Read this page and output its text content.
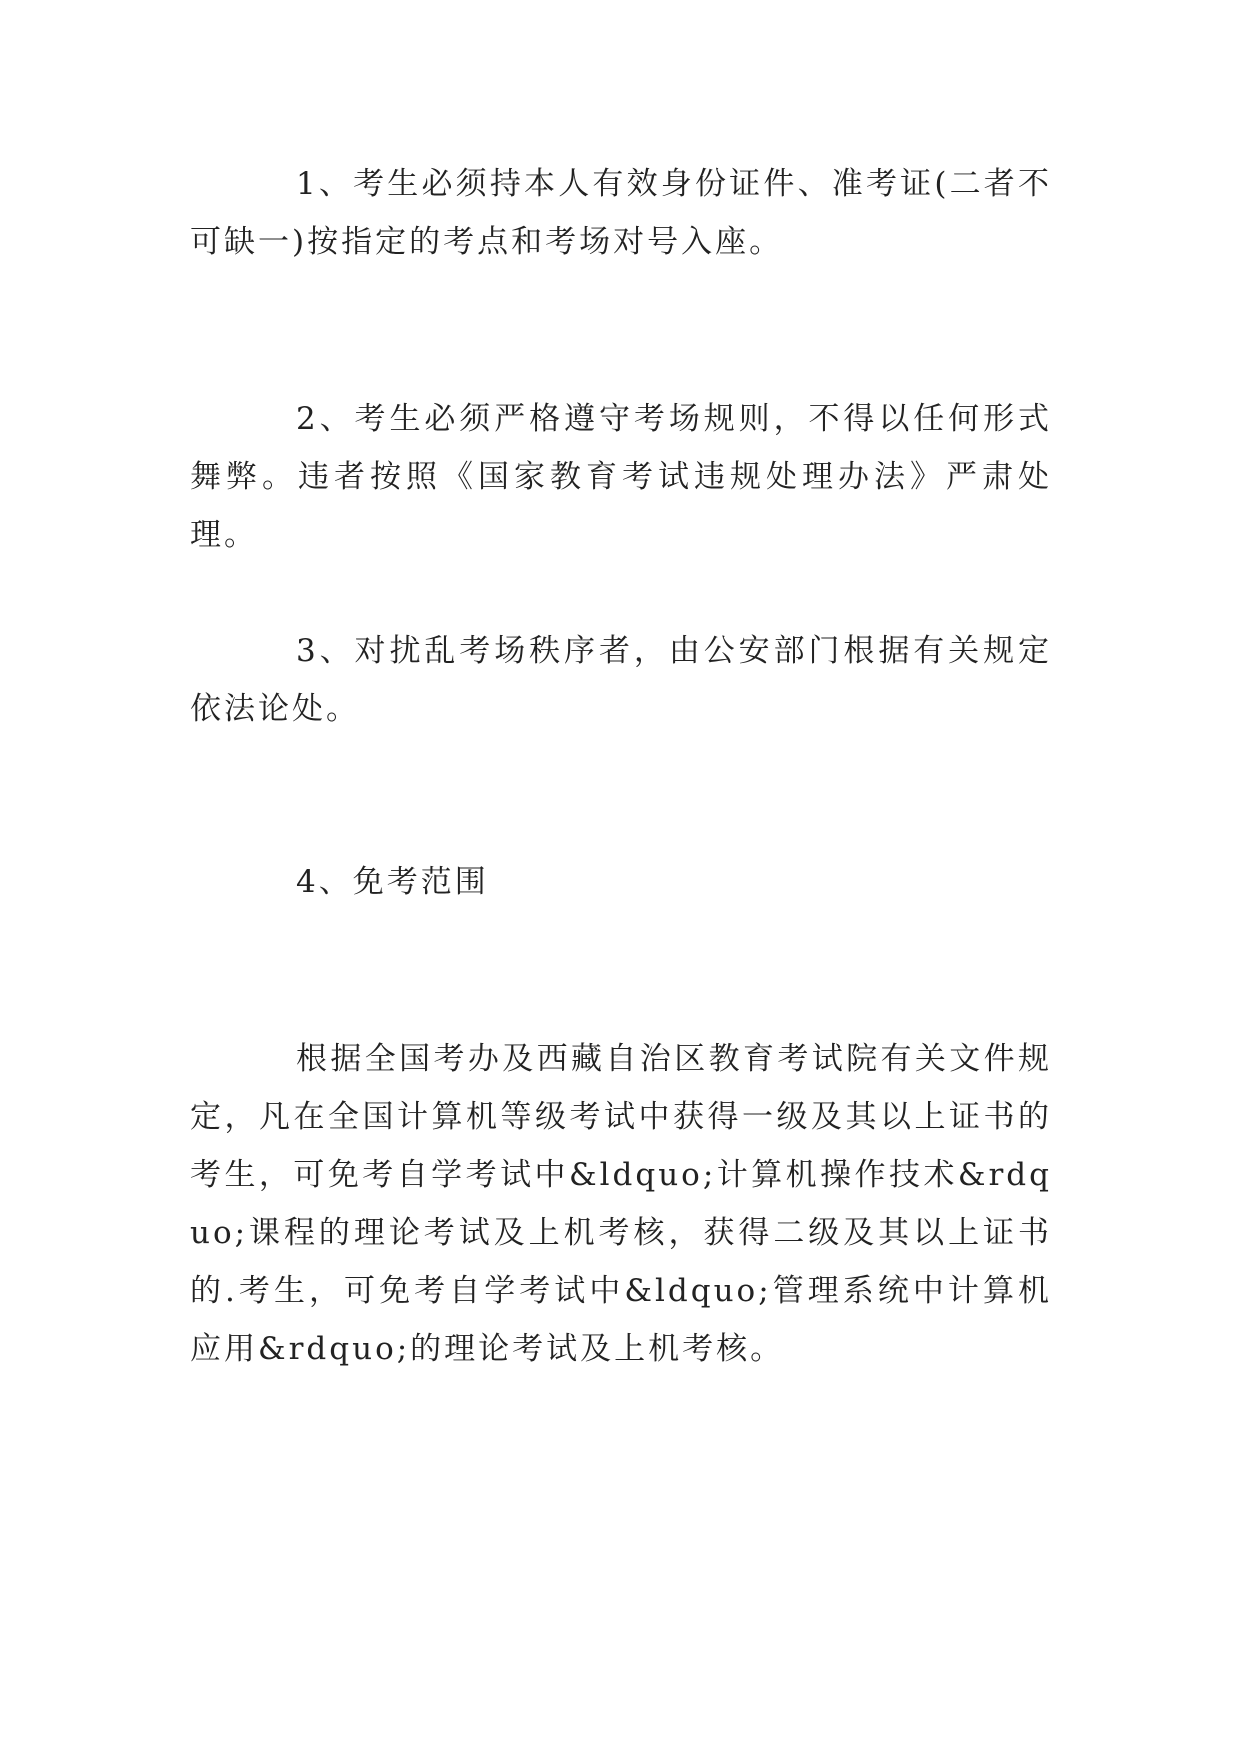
1、考生必须持本人有效身份证件、准考证(二者不可缺一)按指定的考点和考场对号入座。

2、考生必须严格遵守考场规则，不得以任何形式舞弊。违者按照《国家教育考试违规处理办法》严肃处理。

3、对扰乱考场秩序者，由公安部门根据有关规定依法论处。

4、免考范围

根据全国考办及西藏自治区教育考试院有关文件规定，凡在全国计算机等级考试中获得一级及其以上证书的考生，可免考自学考试中&ldquo;计算机操作技术&rdquo;课程的理论考试及上机考核，获得二级及其以上证书的.考生，可免考自学考试中&ldquo;管理系统中计算机应用&rdquo;的理论考试及上机考核。
